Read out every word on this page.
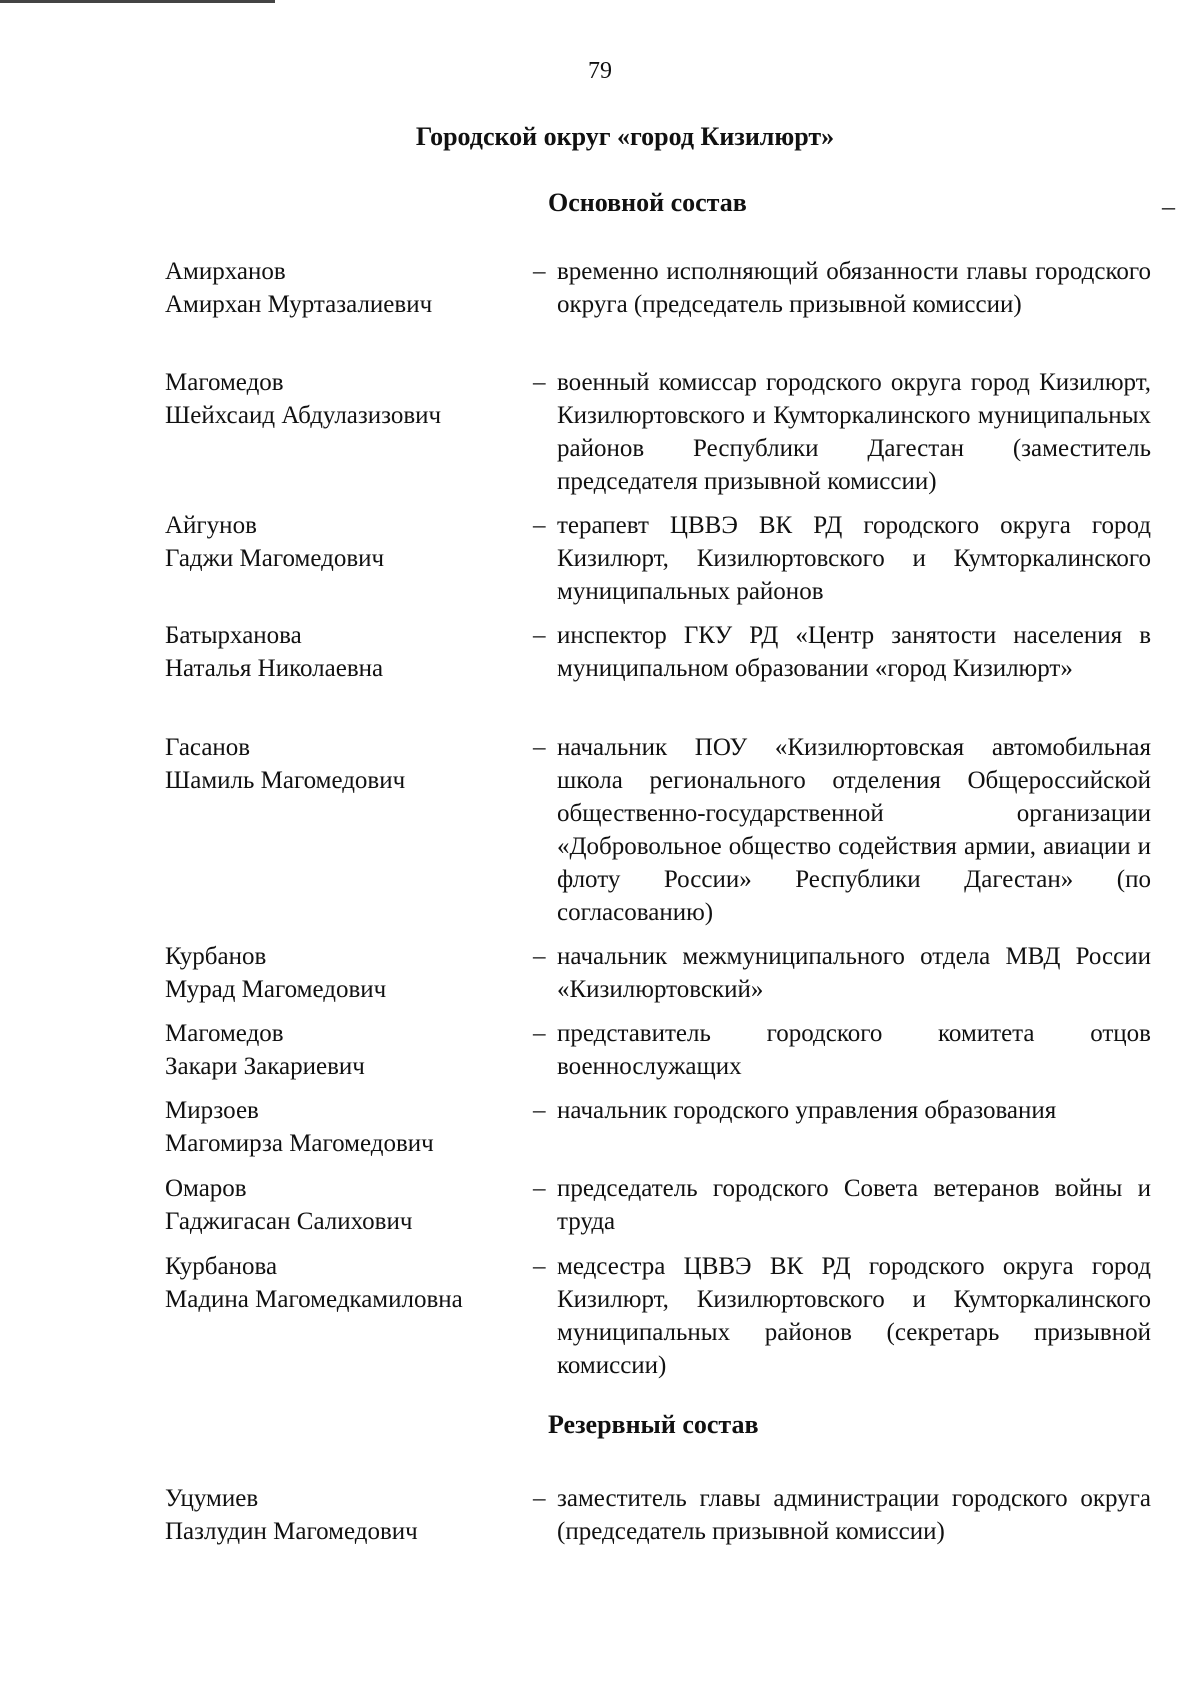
79
Городской округ «город Кизилюрт»
Основной состав	–
Амирханов
Амирхан Муртазалиевич
– временно исполняющий обязанности главы городского округа (председатель призывной комиссии)
Магомедов
Шейхсаид Абдулазизович
– военный комиссар городского округа город Кизилюрт, Кизилюртовского и Кумторкалинского муниципальных районов Республики Дагестан (заместитель председателя призывной комиссии)
Айгунов
Гаджи Магомедович
– терапевт ЦВВЭ ВК РД городского округа город Кизилюрт, Кизилюртовского и Кумторкалинского муниципальных районов
Батырханова
Наталья Николаевна
– инспектор ГКУ РД «Центр занятости населения в муниципальном образовании «город Кизилюрт»
Гасанов
Шамиль Магомедович
– начальник ПОУ «Кизилюртовская автомобильная школа регионального отделения Общероссийской общественно-государственной организации «Добровольное общество содействия армии, авиации и флоту России» Республики Дагестан» (по согласованию)
Курбанов
Мурад Магомедович
– начальник межмуниципального отдела МВД России «Кизилюртовский»
Магомедов
Закари Закариевич
– представитель городского комитета отцов военнослужащих
Мирзоев
Магомирза Магомедович
– начальник городского управления образования
Омаров
Гаджигасан Салихович
– председатель городского Совета ветеранов войны и труда
Курбанова
Мадина Магомедкамиловна
– медсестра ЦВВЭ ВК РД городского округа город Кизилюрт, Кизилюртовского и Кумторкалинского муниципальных районов (секретарь призывной комиссии)
Резервный состав
Уцумиев
Пазлудин Магомедович
– заместитель главы администрации городского округа (председатель призывной комиссии)
